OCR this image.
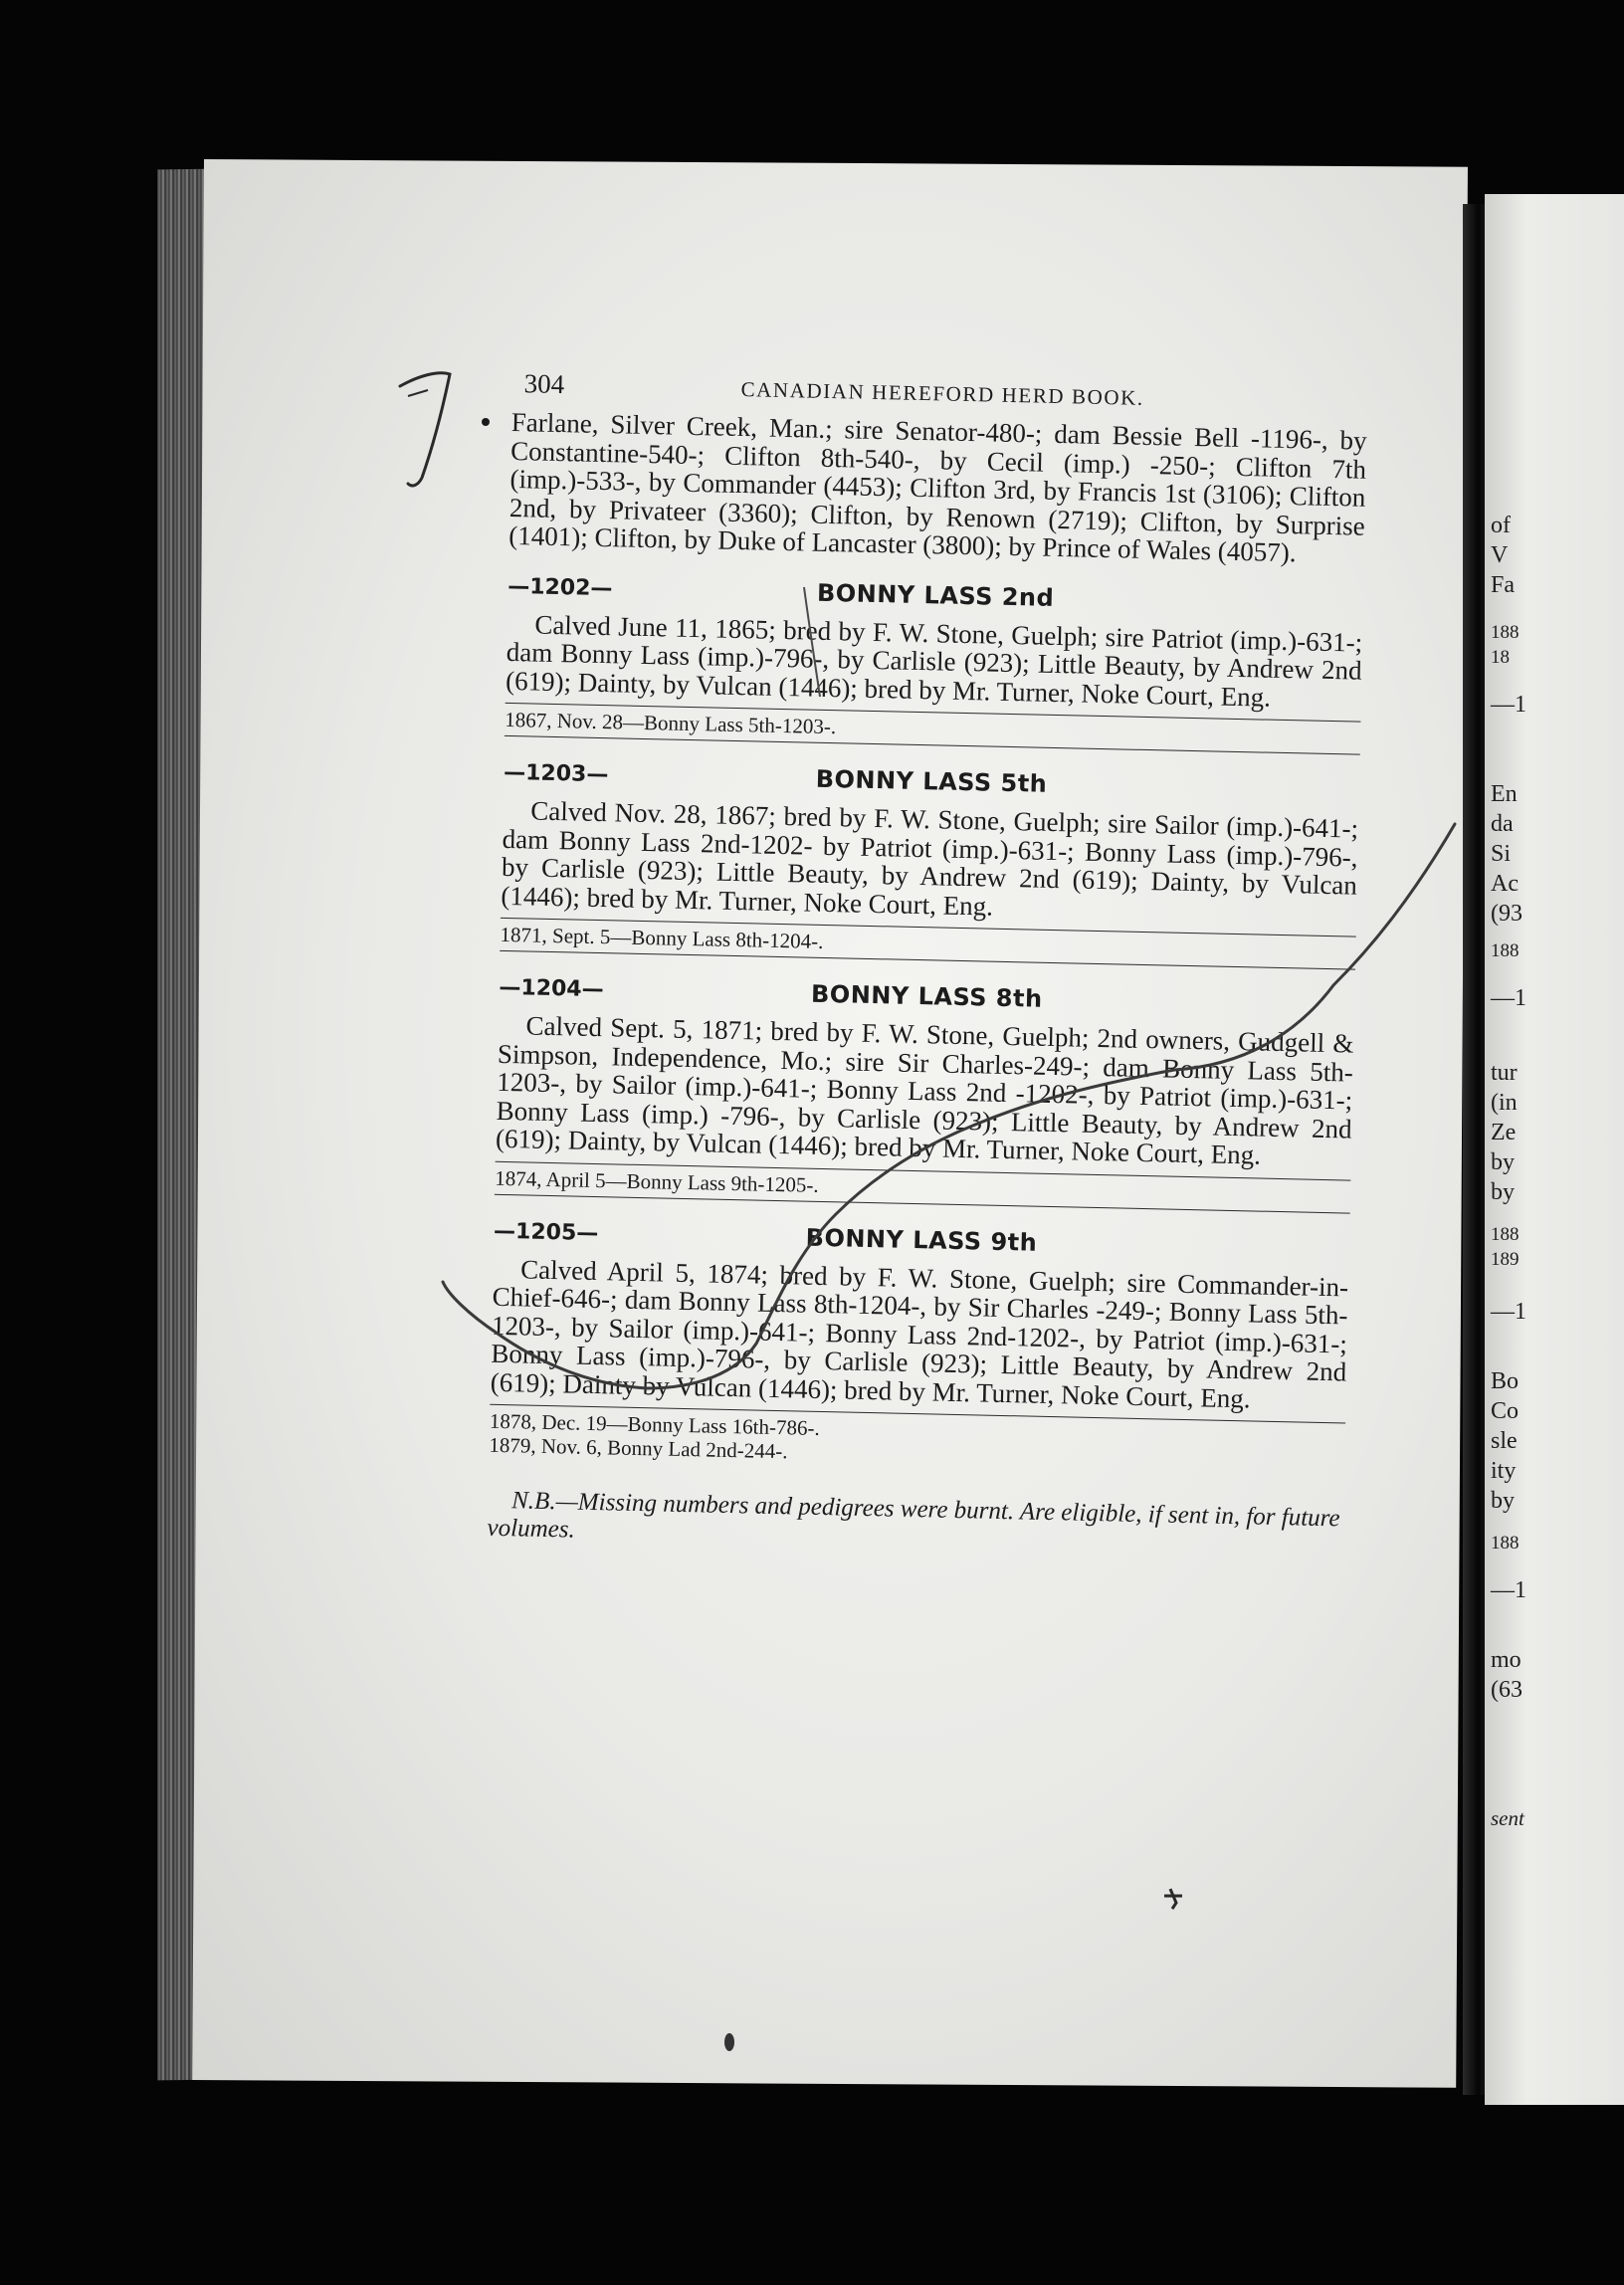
of
V
Fa
188
18
—1
En
da
Si
Ac
(93
188
—1
tur
(in
Ze
by
by
188
189
—1
Bo
Co
sle
ity
by
188
—1
mo
(63
sent
304	CANADIAN HEREFORD HERD BOOK.

Farlane, Silver Creek, Man.; sire Senator-480-; dam Bessie Bell -1196-, by Constantine-540-; Clifton 8th-540-, by Cecil (imp.) -250-; Clifton 7th (imp.)-533-, by Commander (4453); Clifton 3rd, by Francis 1st (3106); Clifton 2nd, by Privateer (3360); Clifton, by Renown (2719); Clifton, by Surprise (1401); Clifton, by Duke of Lancaster (3800); by Prince of Wales (4057).

—1202—	BONNY LASS 2nd

Calved June 11, 1865; bred by F. W. Stone, Guelph; sire Patriot (imp.)-631-; dam Bonny Lass (imp.)-796-, by Carlisle (923); Little Beauty, by Andrew 2nd (619); Dainty, by Vulcan (1446); bred by Mr. Turner, Noke Court, Eng.

1867, Nov. 28—Bonny Lass 5th-1203-.

—1203—	BONNY LASS 5th

Calved Nov. 28, 1867; bred by F. W. Stone, Guelph; sire Sailor (imp.)-641-; dam Bonny Lass 2nd-1202- by Patriot (imp.)-631-; Bonny Lass (imp.)-796-, by Carlisle (923); Little Beauty, by Andrew 2nd (619); Dainty, by Vulcan (1446); bred by Mr. Turner, Noke Court, Eng.

1871, Sept. 5—Bonny Lass 8th-1204-.

—1204—	BONNY LASS 8th

Calved Sept. 5, 1871; bred by F. W. Stone, Guelph; 2nd owners, Gudgell & Simpson, Independence, Mo.; sire Sir Charles-249-; dam Bonny Lass 5th-1203-, by Sailor (imp.)-641-; Bonny Lass 2nd -1202-, by Patriot (imp.)-631-; Bonny Lass (imp.) -796-, by Carlisle (923); Little Beauty, by Andrew 2nd (619); Dainty, by Vulcan (1446); bred by Mr. Turner, Noke Court, Eng.

1874, April 5—Bonny Lass 9th-1205-.

—1205—	BONNY LASS 9th

Calved April 5, 1874; bred by F. W. Stone, Guelph; sire Commander-in-Chief-646-; dam Bonny Lass 8th-1204-, by Sir Charles -249-; Bonny Lass 5th-1203-, by Sailor (imp.)-641-; Bonny Lass 2nd-1202-, by Patriot (imp.)-631-; Bonny Lass (imp.)-796-, by Carlisle (923); Little Beauty, by Andrew 2nd (619); Dainty by Vulcan (1446); bred by Mr. Turner, Noke Court, Eng.

1878, Dec. 19—Bonny Lass 16th-786-.

1879, Nov. 6, Bonny Lad 2nd-244-.

N.B.—Missing numbers and pedigrees were burnt. Are eligible, if sent in, for future volumes.
